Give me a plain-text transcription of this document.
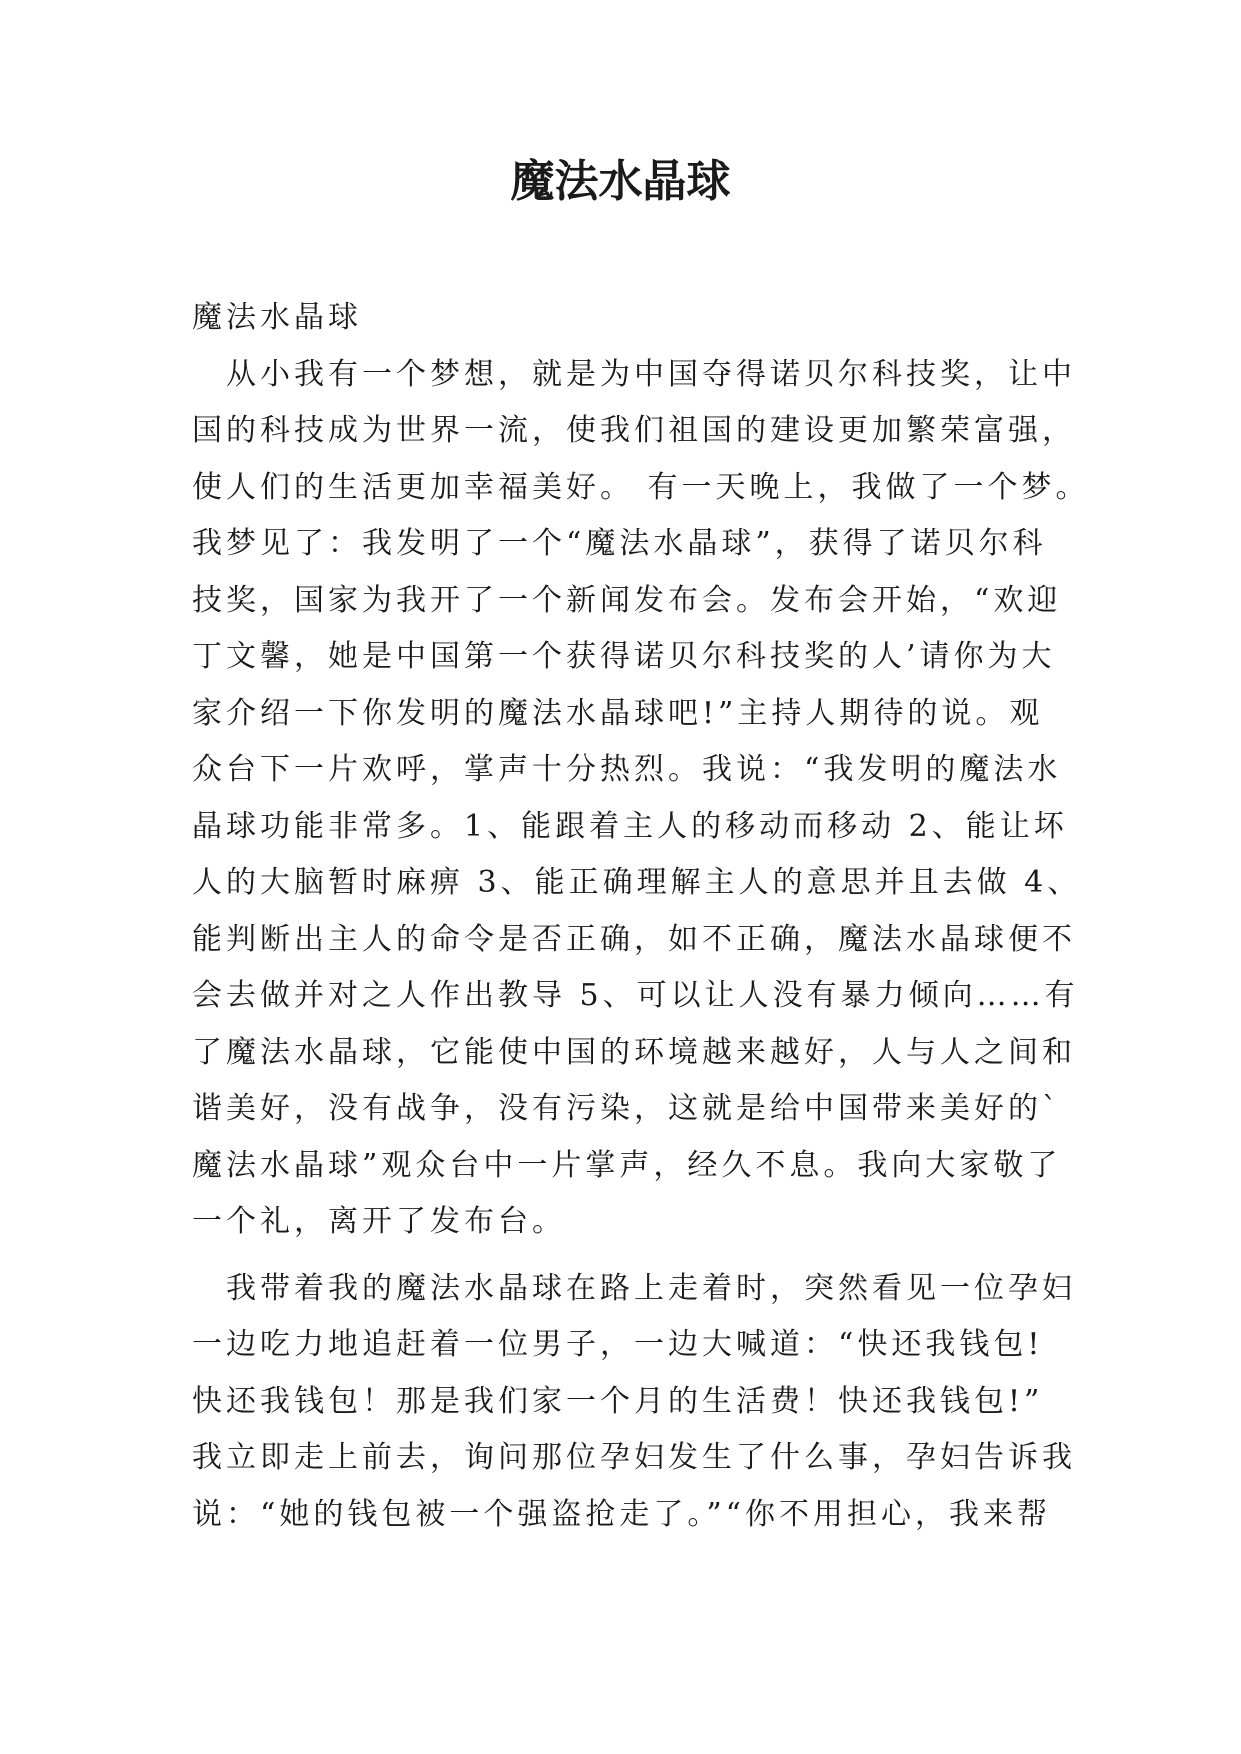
魔法水晶球
魔法水晶球
从小我有一个梦想，就是为中国夺得诺贝尔科技奖，让中
国的科技成为世界一流，使我们祖国的建设更加繁荣富强，
使人们的生活更加幸福美好。 有一天晚上，我做了一个梦。
我梦见了：我发明了一个“魔法水晶球”，获得了诺贝尔科
技奖，国家为我开了一个新闻发布会。发布会开始，“欢迎
丁文馨，她是中国第一个获得诺贝尔科技奖的人’请你为大
家介绍一下你发明的魔法水晶球吧!”主持人期待的说。观
众台下一片欢呼，掌声十分热烈。我说：“我发明的魔法水
晶球功能非常多。1、能跟着主人的移动而移动 2、能让坏
人的大脑暂时麻痹 3、能正确理解主人的意思并且去做 4、
能判断出主人的命令是否正确，如不正确，魔法水晶球便不
会去做并对之人作出教导 5、可以让人没有暴力倾向……有
了魔法水晶球，它能使中国的环境越来越好，人与人之间和
谐美好，没有战争，没有污染，这就是给中国带来美好的`
魔法水晶球”观众台中一片掌声，经久不息。我向大家敬了
一个礼，离开了发布台。
我带着我的魔法水晶球在路上走着时，突然看见一位孕妇
一边吃力地追赶着一位男子，一边大喊道：“快还我钱包!
快还我钱包！那是我们家一个月的生活费！快还我钱包!”
我立即走上前去，询问那位孕妇发生了什么事，孕妇告诉我
说：“她的钱包被一个强盗抢走了。”“你不用担心，我来帮
